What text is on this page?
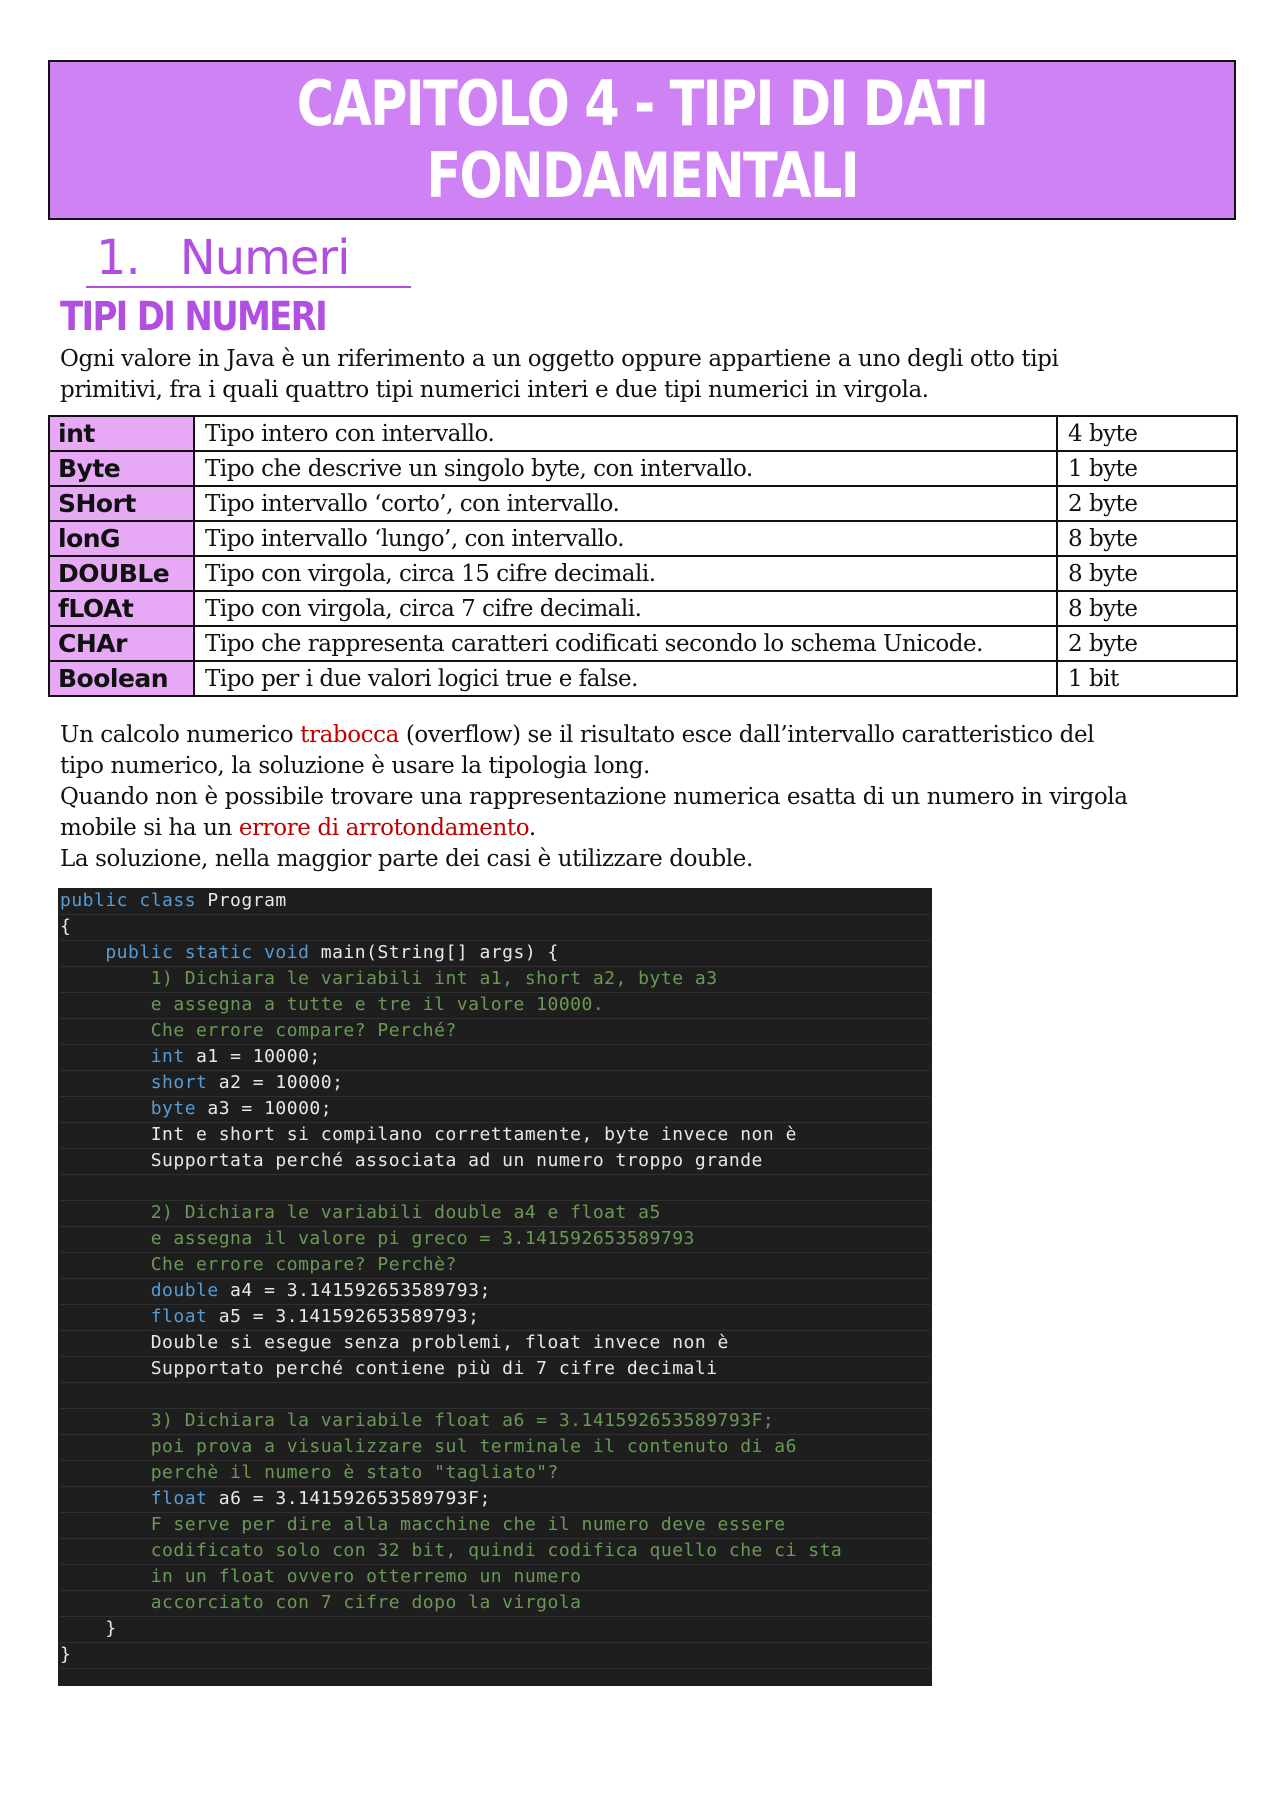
CAPITOLO 4 - TIPI DI DATI
FONDAMENTALI
1. Numeri
TIPI DI NUMERI
Ogni valore in Java è un riferimento a un oggetto oppure appartiene a uno degli otto tipi
primitivi, fra i quali quattro tipi numerici interi e due tipi numerici in virgola.
int	Tipo intero con intervallo.	4 byte
Byte	Tipo che descrive un singolo byte, con intervallo.	1 byte
SHort	Tipo intervallo ‘corto’, con intervallo.	2 byte
lonG	Tipo intervallo ‘lungo’, con intervallo.	8 byte
DOUBLe	Tipo con virgola, circa 15 cifre decimali.	8 byte
fLOAt	Tipo con virgola, circa 7 cifre decimali.	8 byte
CHAr	Tipo che rappresenta caratteri codificati secondo lo schema Unicode.	2 byte
Boolean	Tipo per i due valori logici true e false.	1 bit
Un calcolo numerico trabocca (overflow) se il risultato esce dall’intervallo caratteristico del
tipo numerico, la soluzione è usare la tipologia long.
Quando non è possibile trovare una rappresentazione numerica esatta di un numero in virgola
mobile si ha un errore di arrotondamento.
La soluzione, nella maggior parte dei casi è utilizzare double.
public class Program
{
public static void main(String[] args) {
1) Dichiara le variabili int a1, short a2, byte a3
e assegna a tutte e tre il valore 10000.
Che errore compare? Perché?
int a1 = 10000;
short a2 = 10000;
byte a3 = 10000;
Int e short si compilano correttamente, byte invece non è
Supportata perché associata ad un numero troppo grande
2) Dichiara le variabili double a4 e float a5
e assegna il valore pi greco = 3.141592653589793
Che errore compare? Perchè?
double a4 = 3.141592653589793;
float a5 = 3.141592653589793;
Double si esegue senza problemi, float invece non è
Supportato perché contiene più di 7 cifre decimali
3) Dichiara la variabile float a6 = 3.141592653589793F;
poi prova a visualizzare sul terminale il contenuto di a6
perchè il numero è stato "tagliato"?
float a6 = 3.141592653589793F;
F serve per dire alla macchine che il numero deve essere
codificato solo con 32 bit, quindi codifica quello che ci sta
in un float ovvero otterremo un numero
accorciato con 7 cifre dopo la virgola
}
}
